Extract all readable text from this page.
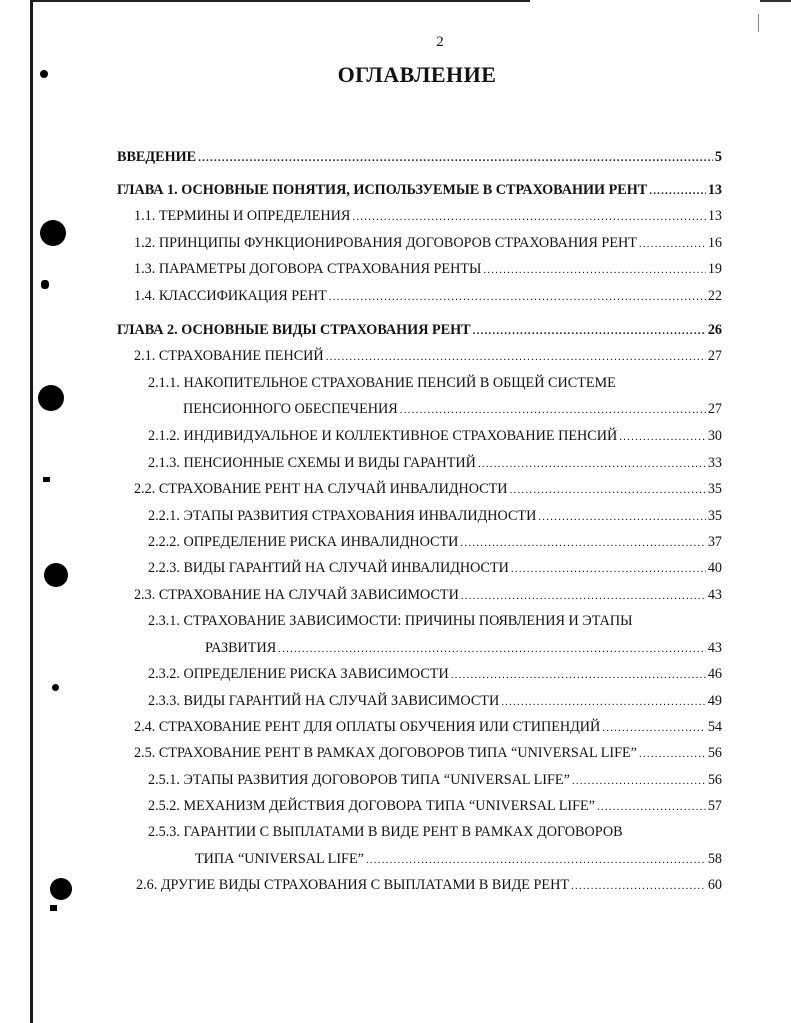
2
ОГЛАВЛЕНИЕ
ВВЕДЕНИЕ .....	5
ГЛАВА 1. ОСНОВНЫЕ ПОНЯТИЯ, ИСПОЛЬЗУЕМЫЕ В СТРАХОВАНИИ РЕНТ .....	13
1.1. ТЕРМИНЫ И ОПРЕДЕЛЕНИЯ .....	13
1.2. ПРИНЦИПЫ ФУНКЦИОНИРОВАНИЯ ДОГОВОРОВ СТРАХОВАНИЯ РЕНТ .....	16
1.3. ПАРАМЕТРЫ ДОГОВОРА СТРАХОВАНИЯ РЕНТЫ .....	19
1.4. КЛАССИФИКАЦИЯ РЕНТ .....	22
ГЛАВА 2. ОСНОВНЫЕ ВИДЫ СТРАХОВАНИЯ РЕНТ .....	26
2.1. СТРАХОВАНИЕ ПЕНСИЙ .....	27
2.1.1. НАКОПИТЕЛЬНОЕ СТРАХОВАНИЕ ПЕНСИЙ В ОБЩЕЙ СИСТЕМЕ
ПЕНСИОННОГО ОБЕСПЕЧЕНИЯ .....	27
2.1.2. ИНДИВИДУАЛЬНОЕ И КОЛЛЕКТИВНОЕ СТРАХОВАНИЕ ПЕНСИЙ .....	30
2.1.3. ПЕНСИОННЫЕ СХЕМЫ И ВИДЫ ГАРАНТИЙ .....	33
2.2. СТРАХОВАНИЕ РЕНТ НА СЛУЧАЙ ИНВАЛИДНОСТИ .....	35
2.2.1. ЭТАПЫ РАЗВИТИЯ СТРАХОВАНИЯ ИНВАЛИДНОСТИ .....	35
2.2.2. ОПРЕДЕЛЕНИЕ РИСКА ИНВАЛИДНОСТИ .....	37
2.2.3. ВИДЫ ГАРАНТИЙ НА СЛУЧАЙ ИНВАЛИДНОСТИ .....	40
2.3. СТРАХОВАНИЕ НА СЛУЧАЙ ЗАВИСИМОСТИ .....	43
2.3.1. СТРАХОВАНИЕ ЗАВИСИМОСТИ: ПРИЧИНЫ ПОЯВЛЕНИЯ И ЭТАПЫ
РАЗВИТИЯ .....	43
2.3.2. ОПРЕДЕЛЕНИЕ РИСКА ЗАВИСИМОСТИ .....	46
2.3.3. ВИДЫ ГАРАНТИЙ НА СЛУЧАЙ ЗАВИСИМОСТИ .....	49
2.4. СТРАХОВАНИЕ РЕНТ ДЛЯ ОПЛАТЫ ОБУЧЕНИЯ ИЛИ СТИПЕНДИЙ .....	54
2.5. СТРАХОВАНИЕ РЕНТ В РАМКАХ ДОГОВОРОВ ТИПА “UNIVERSAL LIFE” .....	56
2.5.1. ЭТАПЫ РАЗВИТИЯ ДОГОВОРОВ ТИПА “UNIVERSAL LIFE” .....	56
2.5.2. МЕХАНИЗМ ДЕЙСТВИЯ ДОГОВОРА ТИПА “UNIVERSAL LIFE” .....	57
2.5.3. ГАРАНТИИ С ВЫПЛАТАМИ В ВИДЕ РЕНТ В РАМКАХ ДОГОВОРОВ
ТИПА “UNIVERSAL LIFE” .....	58
2.6. ДРУГИЕ ВИДЫ СТРАХОВАНИЯ С ВЫПЛАТАМИ В ВИДЕ РЕНТ .....	60
